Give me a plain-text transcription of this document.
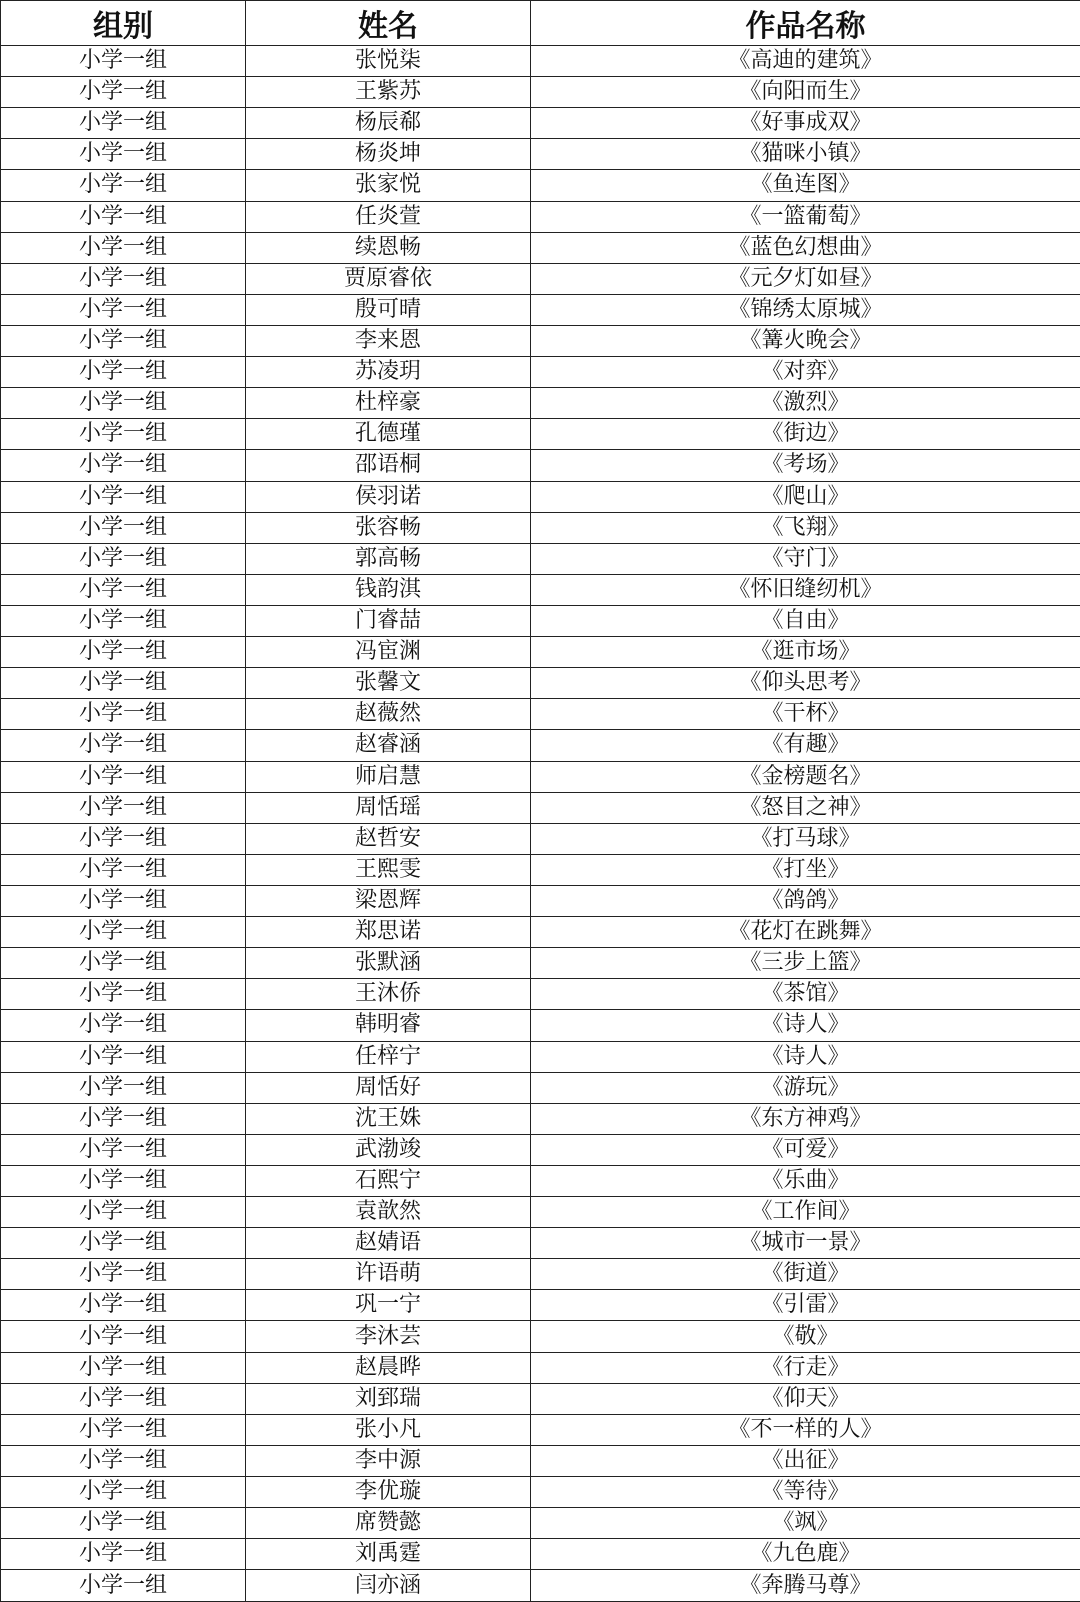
组别	姓名	作品名称
小学一组	张悦柒	《高迪的建筑》
小学一组	王紫苏	《向阳而生》
小学一组	杨辰郗	《好事成双》
小学一组	杨炎坤	《猫咪小镇》
小学一组	张家悦	《鱼连图》
小学一组	任炎萱	《一篮葡萄》
小学一组	续恩畅	《蓝色幻想曲》
小学一组	贾原睿依	《元夕灯如昼》
小学一组	殷可晴	《锦绣太原城》
小学一组	李来恩	《篝火晚会》
小学一组	苏凌玥	《对弈》
小学一组	杜梓豪	《激烈》
小学一组	孔德瑾	《街边》
小学一组	邵语桐	《考场》
小学一组	侯羽诺	《爬山》
小学一组	张容畅	《飞翔》
小学一组	郭高畅	《守门》
小学一组	钱韵淇	《怀旧缝纫机》
小学一组	门睿喆	《自由》
小学一组	冯宦渊	《逛市场》
小学一组	张馨文	《仰头思考》
小学一组	赵薇然	《干杯》
小学一组	赵睿涵	《有趣》
小学一组	师启慧	《金榜题名》
小学一组	周恬瑶	《怒目之神》
小学一组	赵哲安	《打马球》
小学一组	王熙雯	《打坐》
小学一组	梁恩辉	《鸽鸽》
小学一组	郑思诺	《花灯在跳舞》
小学一组	张默涵	《三步上篮》
小学一组	王沐侨	《茶馆》
小学一组	韩明睿	《诗人》
小学一组	任梓宁	《诗人》
小学一组	周恬好	《游玩》
小学一组	沈王姝	《东方神鸡》
小学一组	武渤竣	《可爱》
小学一组	石熙宁	《乐曲》
小学一组	袁歆然	《工作间》
小学一组	赵婧语	《城市一景》
小学一组	许语萌	《街道》
小学一组	巩一宁	《引雷》
小学一组	李沐芸	《敬》
小学一组	赵晨晔	《行走》
小学一组	刘郅瑞	《仰天》
小学一组	张小凡	《不一样的人》
小学一组	李中源	《出征》
小学一组	李优璇	《等待》
小学一组	席赞懿	《飒》
小学一组	刘禹霆	《九色鹿》
小学一组	闫亦涵	《奔腾马尊》
